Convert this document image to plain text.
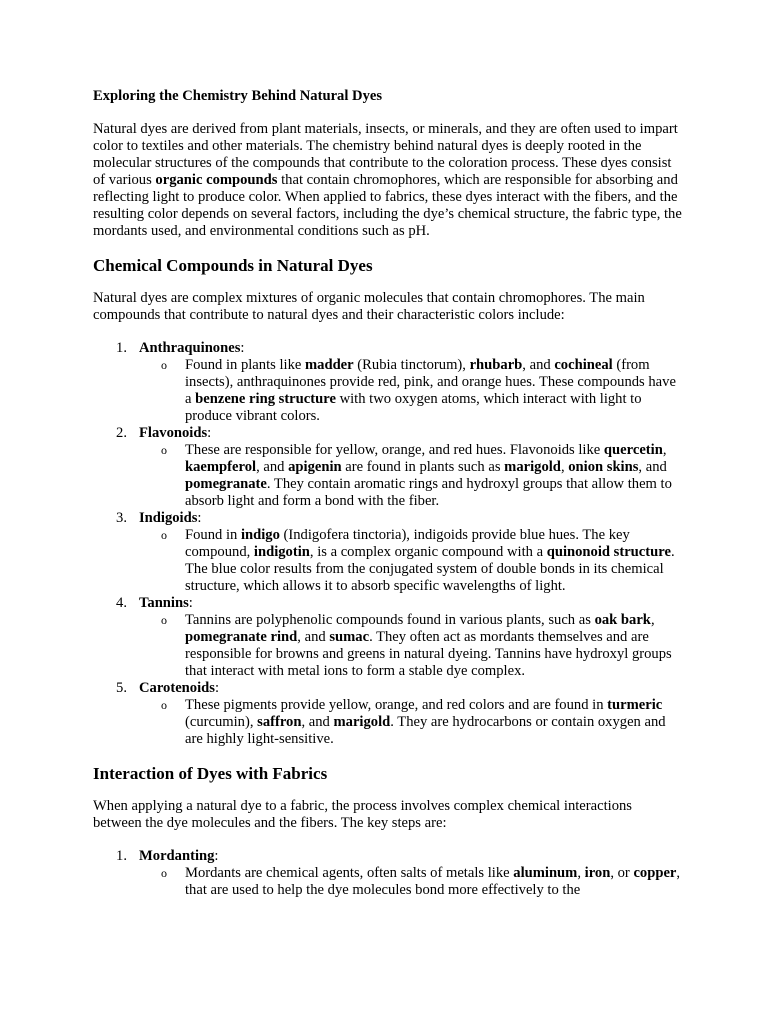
Exploring the Chemistry Behind Natural Dyes

Natural dyes are derived from plant materials, insects, or minerals, and they are often used to impart color to textiles and other materials. The chemistry behind natural dyes is deeply rooted in the molecular structures of the compounds that contribute to the coloration process. These dyes consist of various organic compounds that contain chromophores, which are responsible for absorbing and reflecting light to produce color. When applied to fabrics, these dyes interact with the fibers, and the resulting color depends on several factors, including the dye’s chemical structure, the fabric type, the mordants used, and environmental conditions such as pH.

Chemical Compounds in Natural Dyes

Natural dyes are complex mixtures of organic molecules that contain chromophores. The main compounds that contribute to natural dyes and their characteristic colors include:

1. Anthraquinones:
o Found in plants like madder (Rubia tinctorum), rhubarb, and cochineal (from insects), anthraquinones provide red, pink, and orange hues. These compounds have a benzene ring structure with two oxygen atoms, which interact with light to produce vibrant colors.
2. Flavonoids:
o These are responsible for yellow, orange, and red hues. Flavonoids like quercetin, kaempferol, and apigenin are found in plants such as marigold, onion skins, and pomegranate. They contain aromatic rings and hydroxyl groups that allow them to absorb light and form a bond with the fiber.
3. Indigoids:
o Found in indigo (Indigofera tinctoria), indigoids provide blue hues. The key compound, indigotin, is a complex organic compound with a quinonoid structure. The blue color results from the conjugated system of double bonds in its chemical structure, which allows it to absorb specific wavelengths of light.
4. Tannins:
o Tannins are polyphenolic compounds found in various plants, such as oak bark, pomegranate rind, and sumac. They often act as mordants themselves and are responsible for browns and greens in natural dyeing. Tannins have hydroxyl groups that interact with metal ions to form a stable dye complex.
5. Carotenoids:
o These pigments provide yellow, orange, and red colors and are found in turmeric (curcumin), saffron, and marigold. They are hydrocarbons or contain oxygen and are highly light-sensitive.
Interaction of Dyes with Fabrics

When applying a natural dye to a fabric, the process involves complex chemical interactions between the dye molecules and the fibers. The key steps are:

1. Mordanting:
o Mordants are chemical agents, often salts of metals like aluminum, iron, or copper, that are used to help the dye molecules bond more effectively to the
